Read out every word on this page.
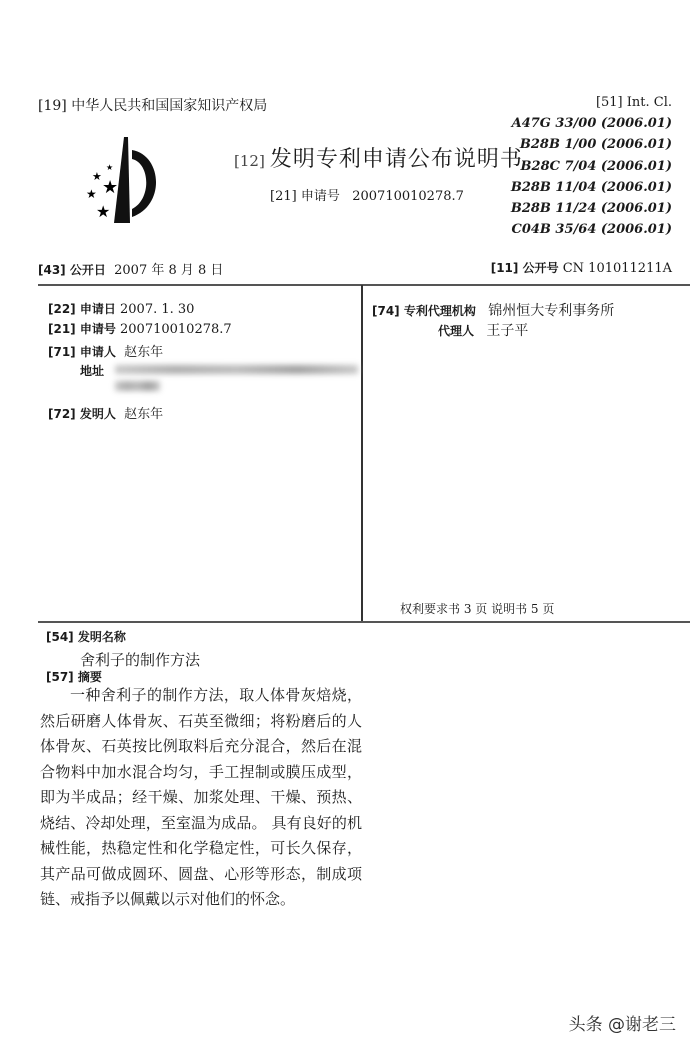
[19] 中华人民共和国国家知识产权局
★
★
★
★
★
[12] 发明专利申请公布说明书
[21] 申请号 200710010278.7
[51] Int. Cl.
A47G 33/00 (2006.01)
B28B 1/00 (2006.01)
B28C 7/04 (2006.01)
B28B 11/04 (2006.01)
B28B 11/24 (2006.01)
C04B 35/64 (2006.01)
[43] 公开日 2007 年 8 月 8 日	[11] 公开号 CN 101011211A
[22] 申请日 2007. 1. 30
[21] 申请号 200710010278.7
[71] 申请人 赵东年
地址
[72] 发明人 赵东年
[74] 专利代理机构 锦州恒大专利事务所
代理人 王子平
权利要求书 3 页 说明书 5 页
[54] 发明名称
舍利子的制作方法
[57] 摘要
一种舍利子的制作方法，取人体骨灰焙烧，然后研磨人体骨灰、石英至微细；将粉磨后的人体骨灰、石英按比例取料后充分混合，然后在混合物料中加水混合均匀，手工捏制或膜压成型，即为半成品；经干燥、加浆处理、干燥、预热、烧结、冷却处理，至室温为成品。 具有良好的机械性能，热稳定性和化学稳定性，可长久保存，其产品可做成圆环、圆盘、心形等形态，制成项链、戒指予以佩戴以示对他们的怀念。
头条 @谢老三
